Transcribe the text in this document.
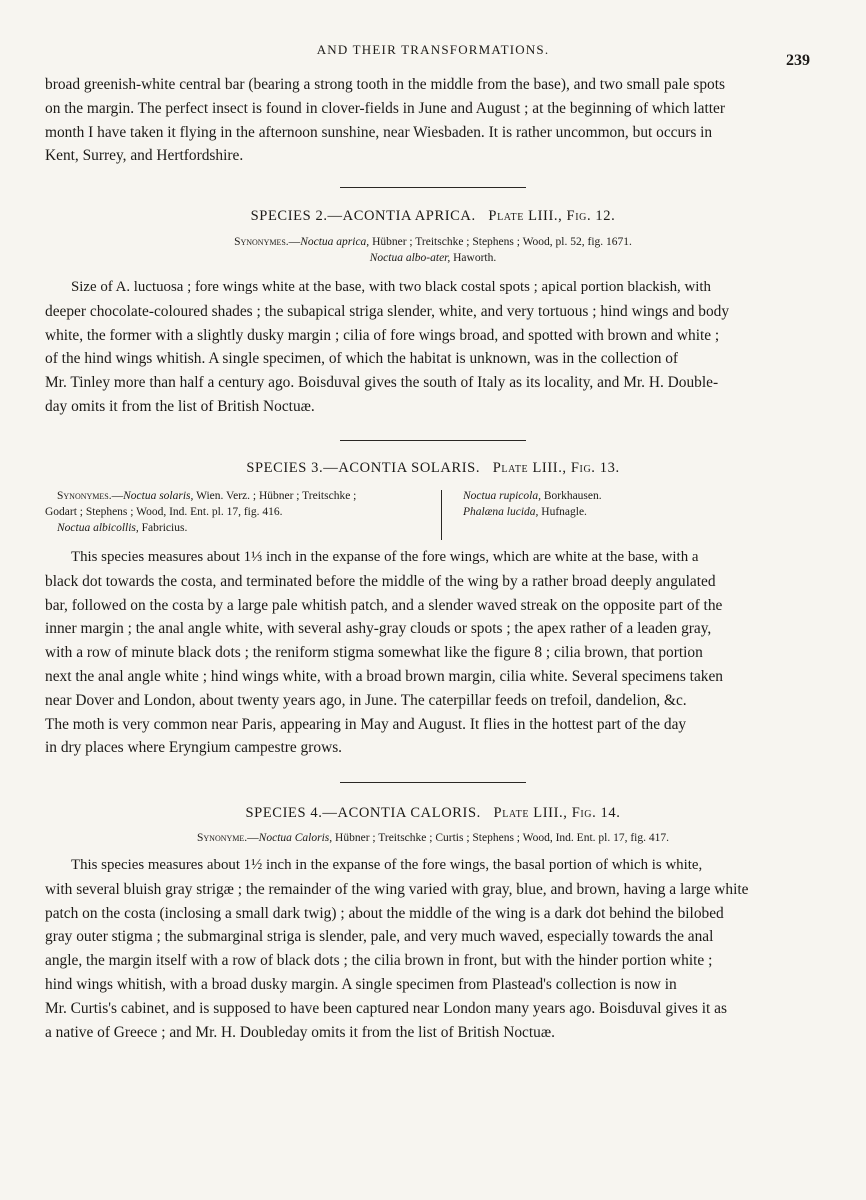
AND THEIR TRANSFORMATIONS.
239
broad greenish-white central bar (bearing a strong tooth in the middle from the base), and two small pale spots
on the margin. The perfect insect is found in clover-fields in June and August ; at the beginning of which latter
month I have taken it flying in the afternoon sunshine, near Wiesbaden. It is rather uncommon, but occurs in
Kent, Surrey, and Hertfordshire.
SPECIES 2.—ACONTIA APRICA. Plate LIII., Fig. 12.
Synonymes.—Noctua aprica, Hübner ; Treitschke ; Stephens ; Wood, pl. 52, fig. 1671.
Noctua albo-ater, Haworth.
Size of A. luctuosa ; fore wings white at the base, with two black costal spots ; apical portion blackish, with
deeper chocolate-coloured shades ; the subapical striga slender, white, and very tortuous ; hind wings and body
white, the former with a slightly dusky margin ; cilia of fore wings broad, and spotted with brown and white ;
of the hind wings whitish. A single specimen, of which the habitat is unknown, was in the collection of
Mr. Tinley more than half a century ago. Boisduval gives the south of Italy as its locality, and Mr. H. Double-
day omits it from the list of British Noctuæ.
SPECIES 3.—ACONTIA SOLARIS. Plate LIII., Fig. 13.
Synonymes.—Noctua solaris, Wien. Verz. ; Hübner ; Treitschke ;
Godart ; Stephens ; Wood, Ind. Ent. pl. 17, fig. 416.
Noctua albicollis, Fabricius.
Noctua rupicola, Borkhausen.
Phalæna lucida, Hufnagle.
This species measures about 1⅓ inch in the expanse of the fore wings, which are white at the base, with a
black dot towards the costa, and terminated before the middle of the wing by a rather broad deeply angulated
bar, followed on the costa by a large pale whitish patch, and a slender waved streak on the opposite part of the
inner margin ; the anal angle white, with several ashy-gray clouds or spots ; the apex rather of a leaden gray,
with a row of minute black dots ; the reniform stigma somewhat like the figure 8 ; cilia brown, that portion
next the anal angle white ; hind wings white, with a broad brown margin, cilia white. Several specimens taken
near Dover and London, about twenty years ago, in June. The caterpillar feeds on trefoil, dandelion, &c.
The moth is very common near Paris, appearing in May and August. It flies in the hottest part of the day
in dry places where Eryngium campestre grows.
SPECIES 4.—ACONTIA CALORIS. Plate LIII., Fig. 14.
Synonyme.—Noctua Caloris, Hübner ; Treitschke ; Curtis ; Stephens ; Wood, Ind. Ent. pl. 17, fig. 417.
This species measures about 1½ inch in the expanse of the fore wings, the basal portion of which is white,
with several bluish gray strigæ ; the remainder of the wing varied with gray, blue, and brown, having a large white
patch on the costa (inclosing a small dark twig) ; about the middle of the wing is a dark dot behind the bilobed
gray outer stigma ; the submarginal striga is slender, pale, and very much waved, especially towards the anal
angle, the margin itself with a row of black dots ; the cilia brown in front, but with the hinder portion white ;
hind wings whitish, with a broad dusky margin. A single specimen from Plastead's collection is now in
Mr. Curtis's cabinet, and is supposed to have been captured near London many years ago. Boisduval gives it as
a native of Greece ; and Mr. H. Doubleday omits it from the list of British Noctuæ.
